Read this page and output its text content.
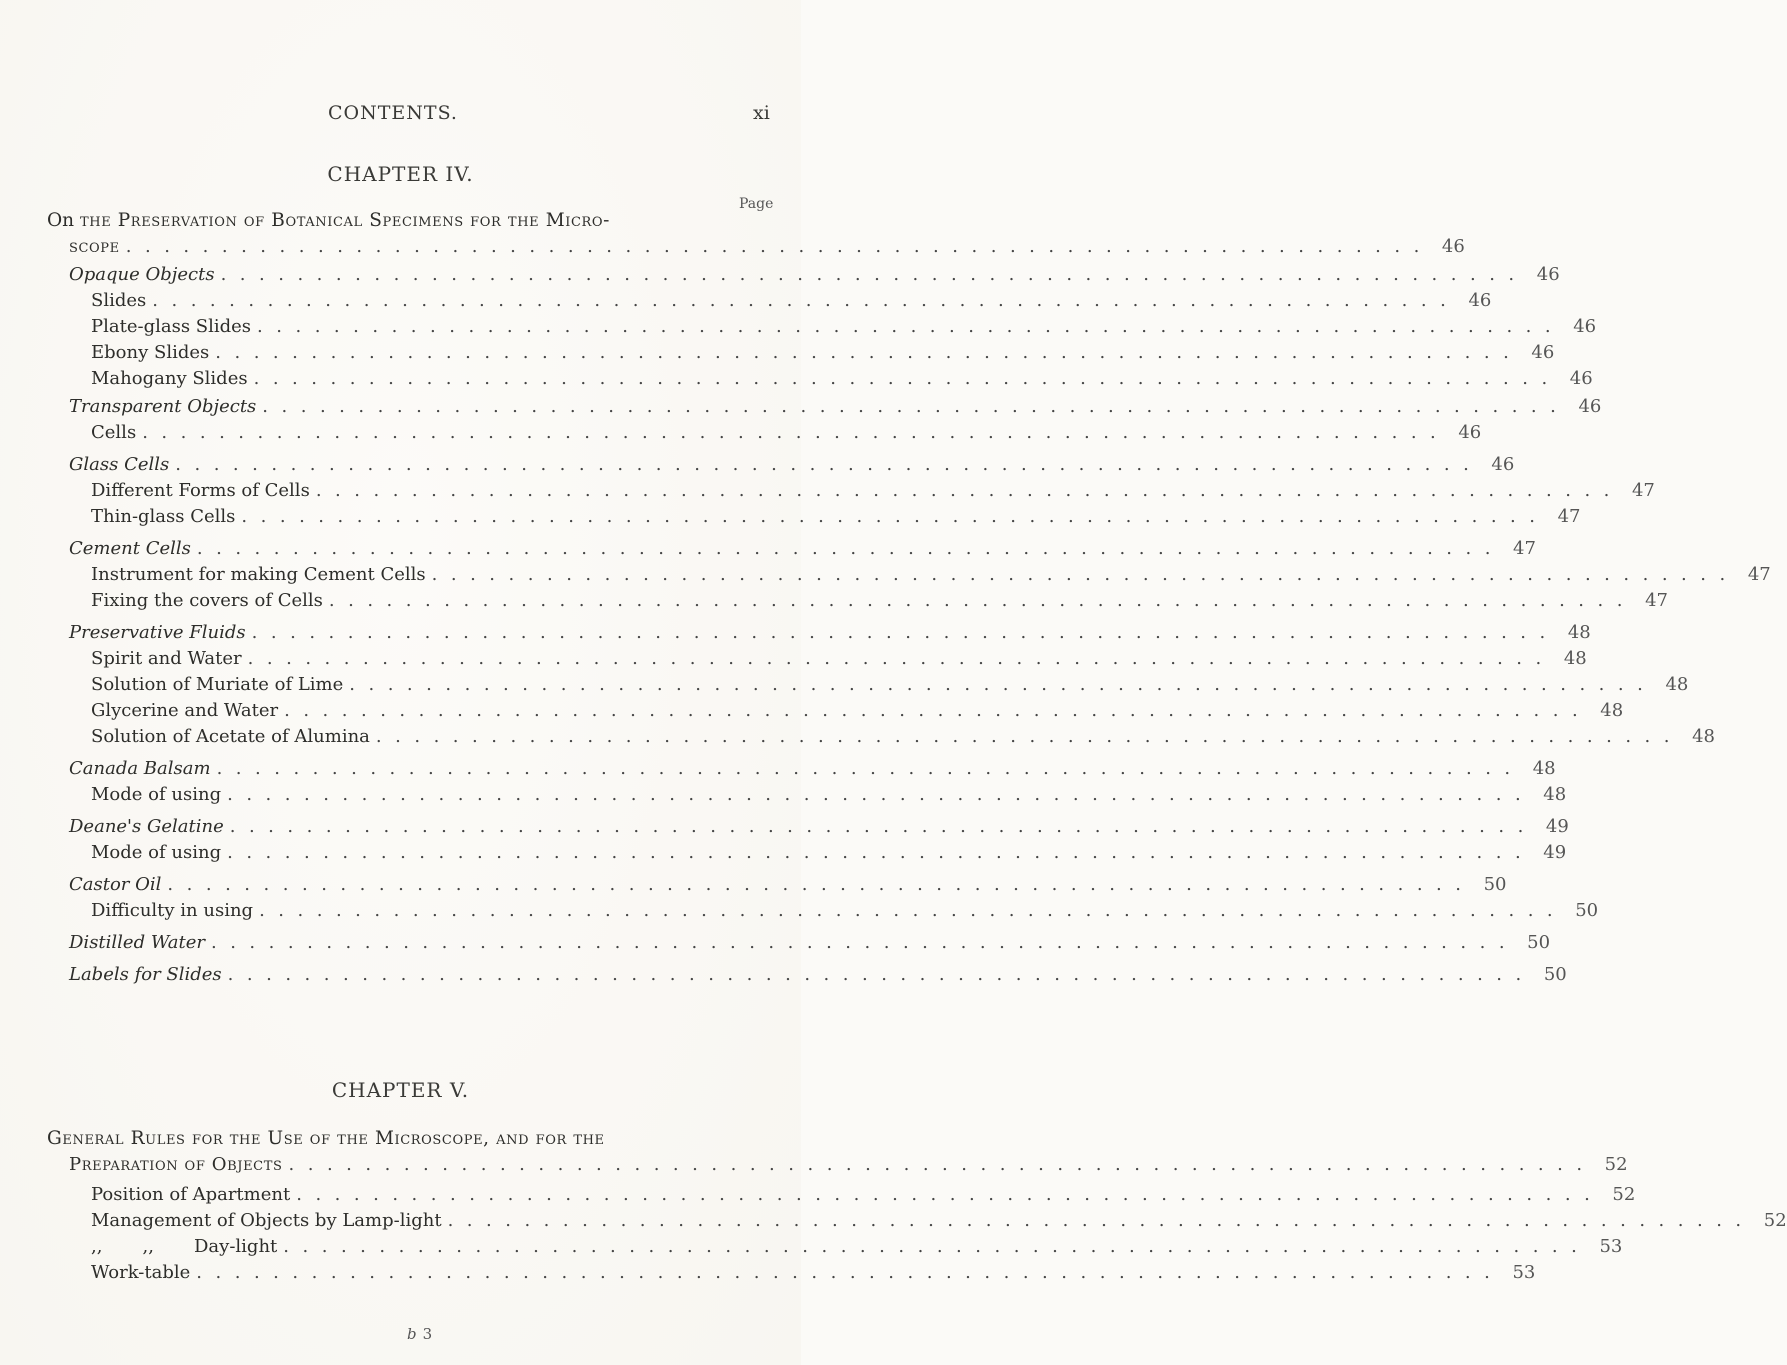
CONTENTS.	xi
CHAPTER IV.
Page
On the Preservation of Botanical Specimens for the Micro-
scope .................................................................... 46
Opaque Objects .................................................................... 46
Slides .................................................................... 46
Plate-glass Slides .................................................................... 46
Ebony Slides .................................................................... 46
Mahogany Slides .................................................................... 46
Transparent Objects .................................................................... 46
Cells .................................................................... 46
Glass Cells .................................................................... 46
Different Forms of Cells .................................................................... 47
Thin-glass Cells .................................................................... 47
Cement Cells .................................................................... 47
Instrument for making Cement Cells .................................................................... 47
Fixing the covers of Cells .................................................................... 47
Preservative Fluids .................................................................... 48
Spirit and Water .................................................................... 48
Solution of Muriate of Lime .................................................................... 48
Glycerine and Water .................................................................... 48
Solution of Acetate of Alumina .................................................................... 48
Canada Balsam .................................................................... 48
Mode of using .................................................................... 48
Deane's Gelatine .................................................................... 49
Mode of using .................................................................... 49
Castor Oil .................................................................... 50
Difficulty in using .................................................................... 50
Distilled Water .................................................................... 50
Labels for Slides .................................................................... 50
CHAPTER V.
General Rules for the Use of the Microscope, and for the
Preparation of Objects .................................................................... 52
Position of Apartment .................................................................... 52
Management of Objects by Lamp-light .................................................................... 52
,,       ,,       Day-light .................................................................... 53
Work-table .................................................................... 53
b 3
